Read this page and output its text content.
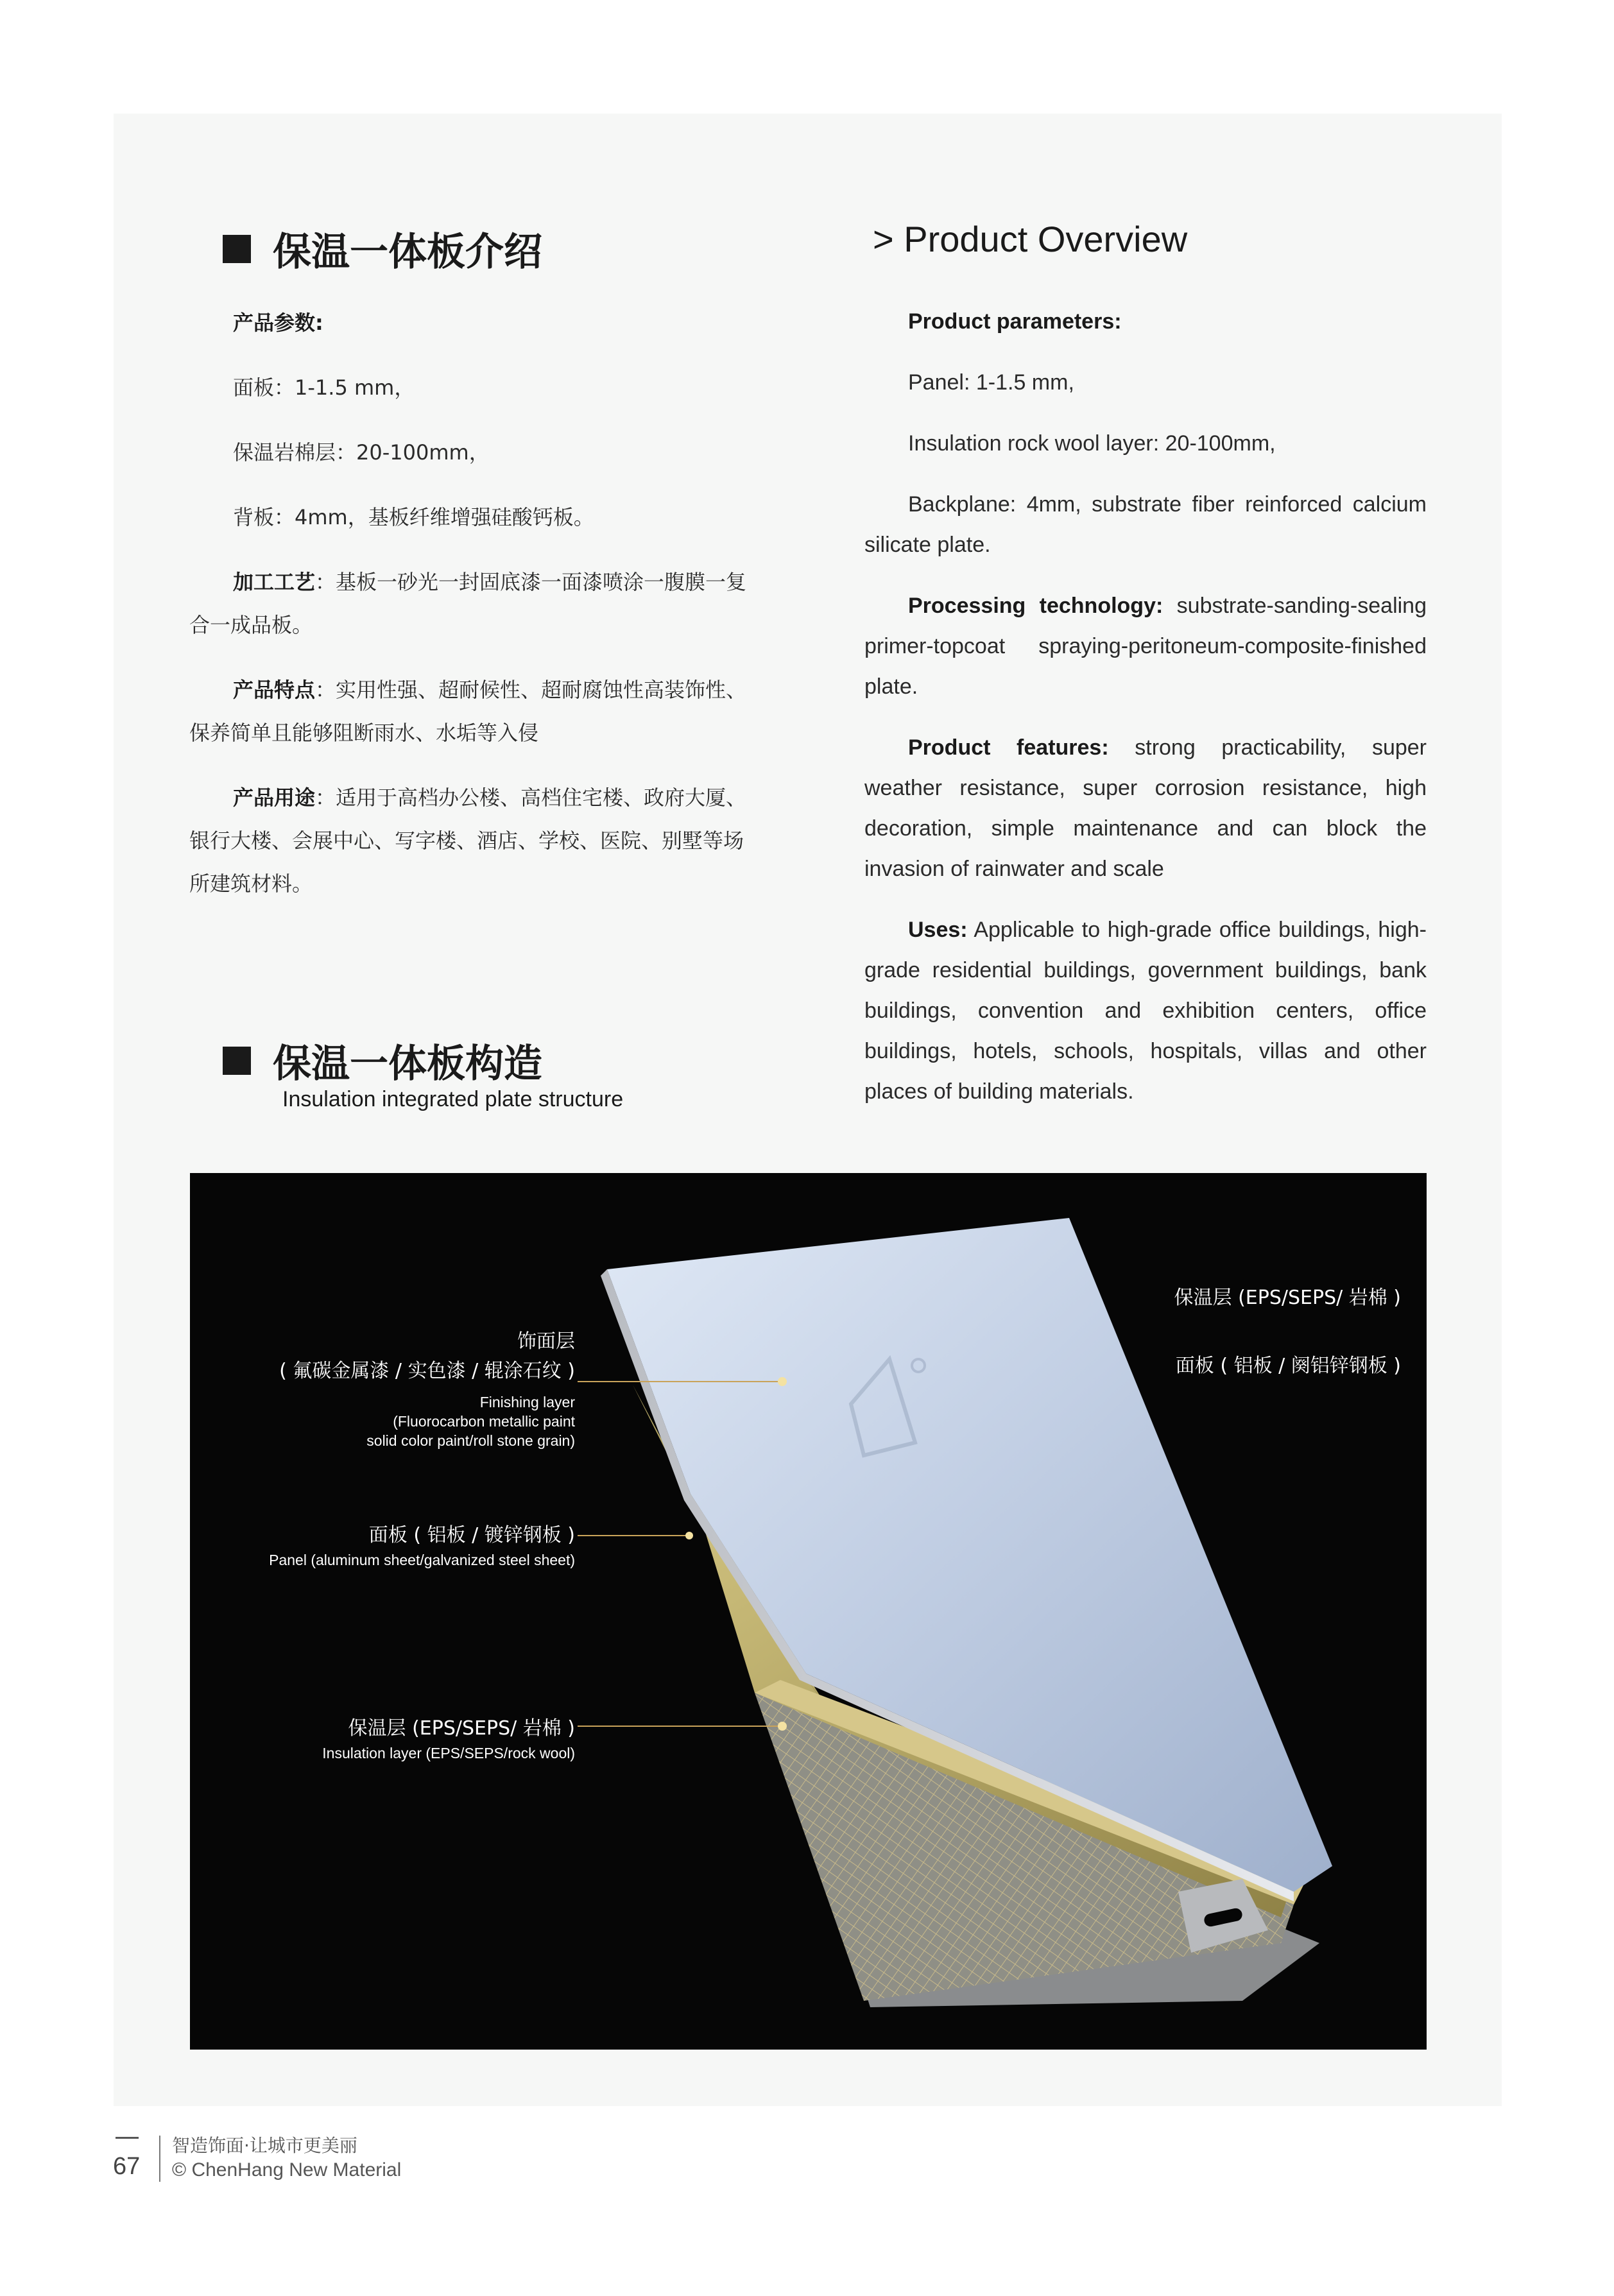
保温一体板介绍	> Product Overview

产品参数:

面板：1-1.5 mm，

保温岩棉层：20-100mm，

背板：4mm，基板纤维增强硅酸钙板。

加工工艺：基板一砂光一封固底漆一面漆喷涂一腹膜一复合一成品板。

产品特点：实用性强、超耐候性、超耐腐蚀性高装饰性、保养简单且能够阻断雨水、水垢等入侵

产品用途：适用于高档办公楼、高档住宅楼、政府大厦、银行大楼、会展中心、写字楼、酒店、学校、医院、别墅等场所建筑材料。

Product parameters:

Panel: 1-1.5 mm,

Insulation rock wool layer: 20-100mm,

Backplane: 4mm, substrate fiber reinforced calcium silicate plate.

Processing technology: substrate-sanding-sealing primer-topcoat spraying-peritoneum-composite-finished plate.

Product features: strong practicability, super weather resistance, super corrosion resistance, high decoration, simple maintenance and can block the invasion of rainwater and scale

Uses: Applicable to high-grade office buildings, high-grade residential buildings, government buildings, bank buildings, convention and exhibition centers, office buildings, hotels, schools, hospitals, villas and other places of building materials.

保温一体板构造
Insulation integrated plate structure
饰面层
( 氟碳金属漆 / 实色漆 / 辊涂石纹 )
Finishing layer
(Fluorocarbon metallic paint
solid color paint/roll stone grain)
面板 ( 铝板 / 镀锌钢板 )
Panel (aluminum sheet/galvanized steel sheet)
保温层 (EPS/SEPS/ 岩棉 )
Insulation layer (EPS/SEPS/rock wool)
保温层 (EPS/SEPS/ 岩棉 )
面板 ( 铝板 / 阕铝锌钢板 )
67
智造饰面·让城市更美丽
© ChenHang New Material
